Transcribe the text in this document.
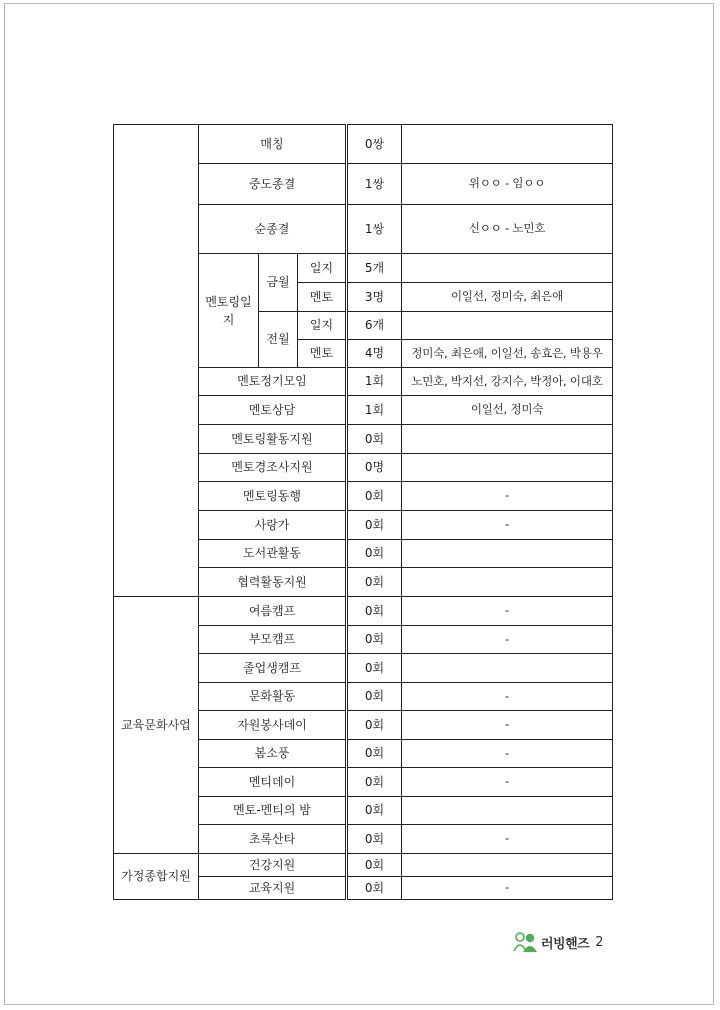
	매칭			0쌍	
	중도종결			1쌍	위ㅇㅇ - 임ㅇㅇ
	순종결			1쌍	신ㅇㅇ - 노민호
	멘토링일지	금월	일지	5개	
			멘토	3명	이일선, 정미숙, 최은애
		전월	일지	6개	
			멘토	4명	정미숙, 최은애, 이일선, 송효은, 박용우
	멘토정기모임			1회	노민호, 박지선, 강지수, 박정아, 이대호
	멘토상담			1회	이일선, 정미숙
	멘토링활동지원			0회	
	멘토경조사지원			0명	
	멘토링동행			0회	-
	사랑가			0회	-
	도서관활동			0회	
	협력활동지원			0회	
교육문화사업	여름캠프			0회	-
	부모캠프			0회	-
	졸업생캠프			0회	
	문화활동			0회	-
	자원봉사데이			0회	-
	봄소풍			0회	-
	멘티데이			0회	-
	멘토-멘티의 밤			0회	
	초록산타			0회	-
가정종합지원	건강지원			0회	
	교육지원			0회	-
러빙핸즈 2
